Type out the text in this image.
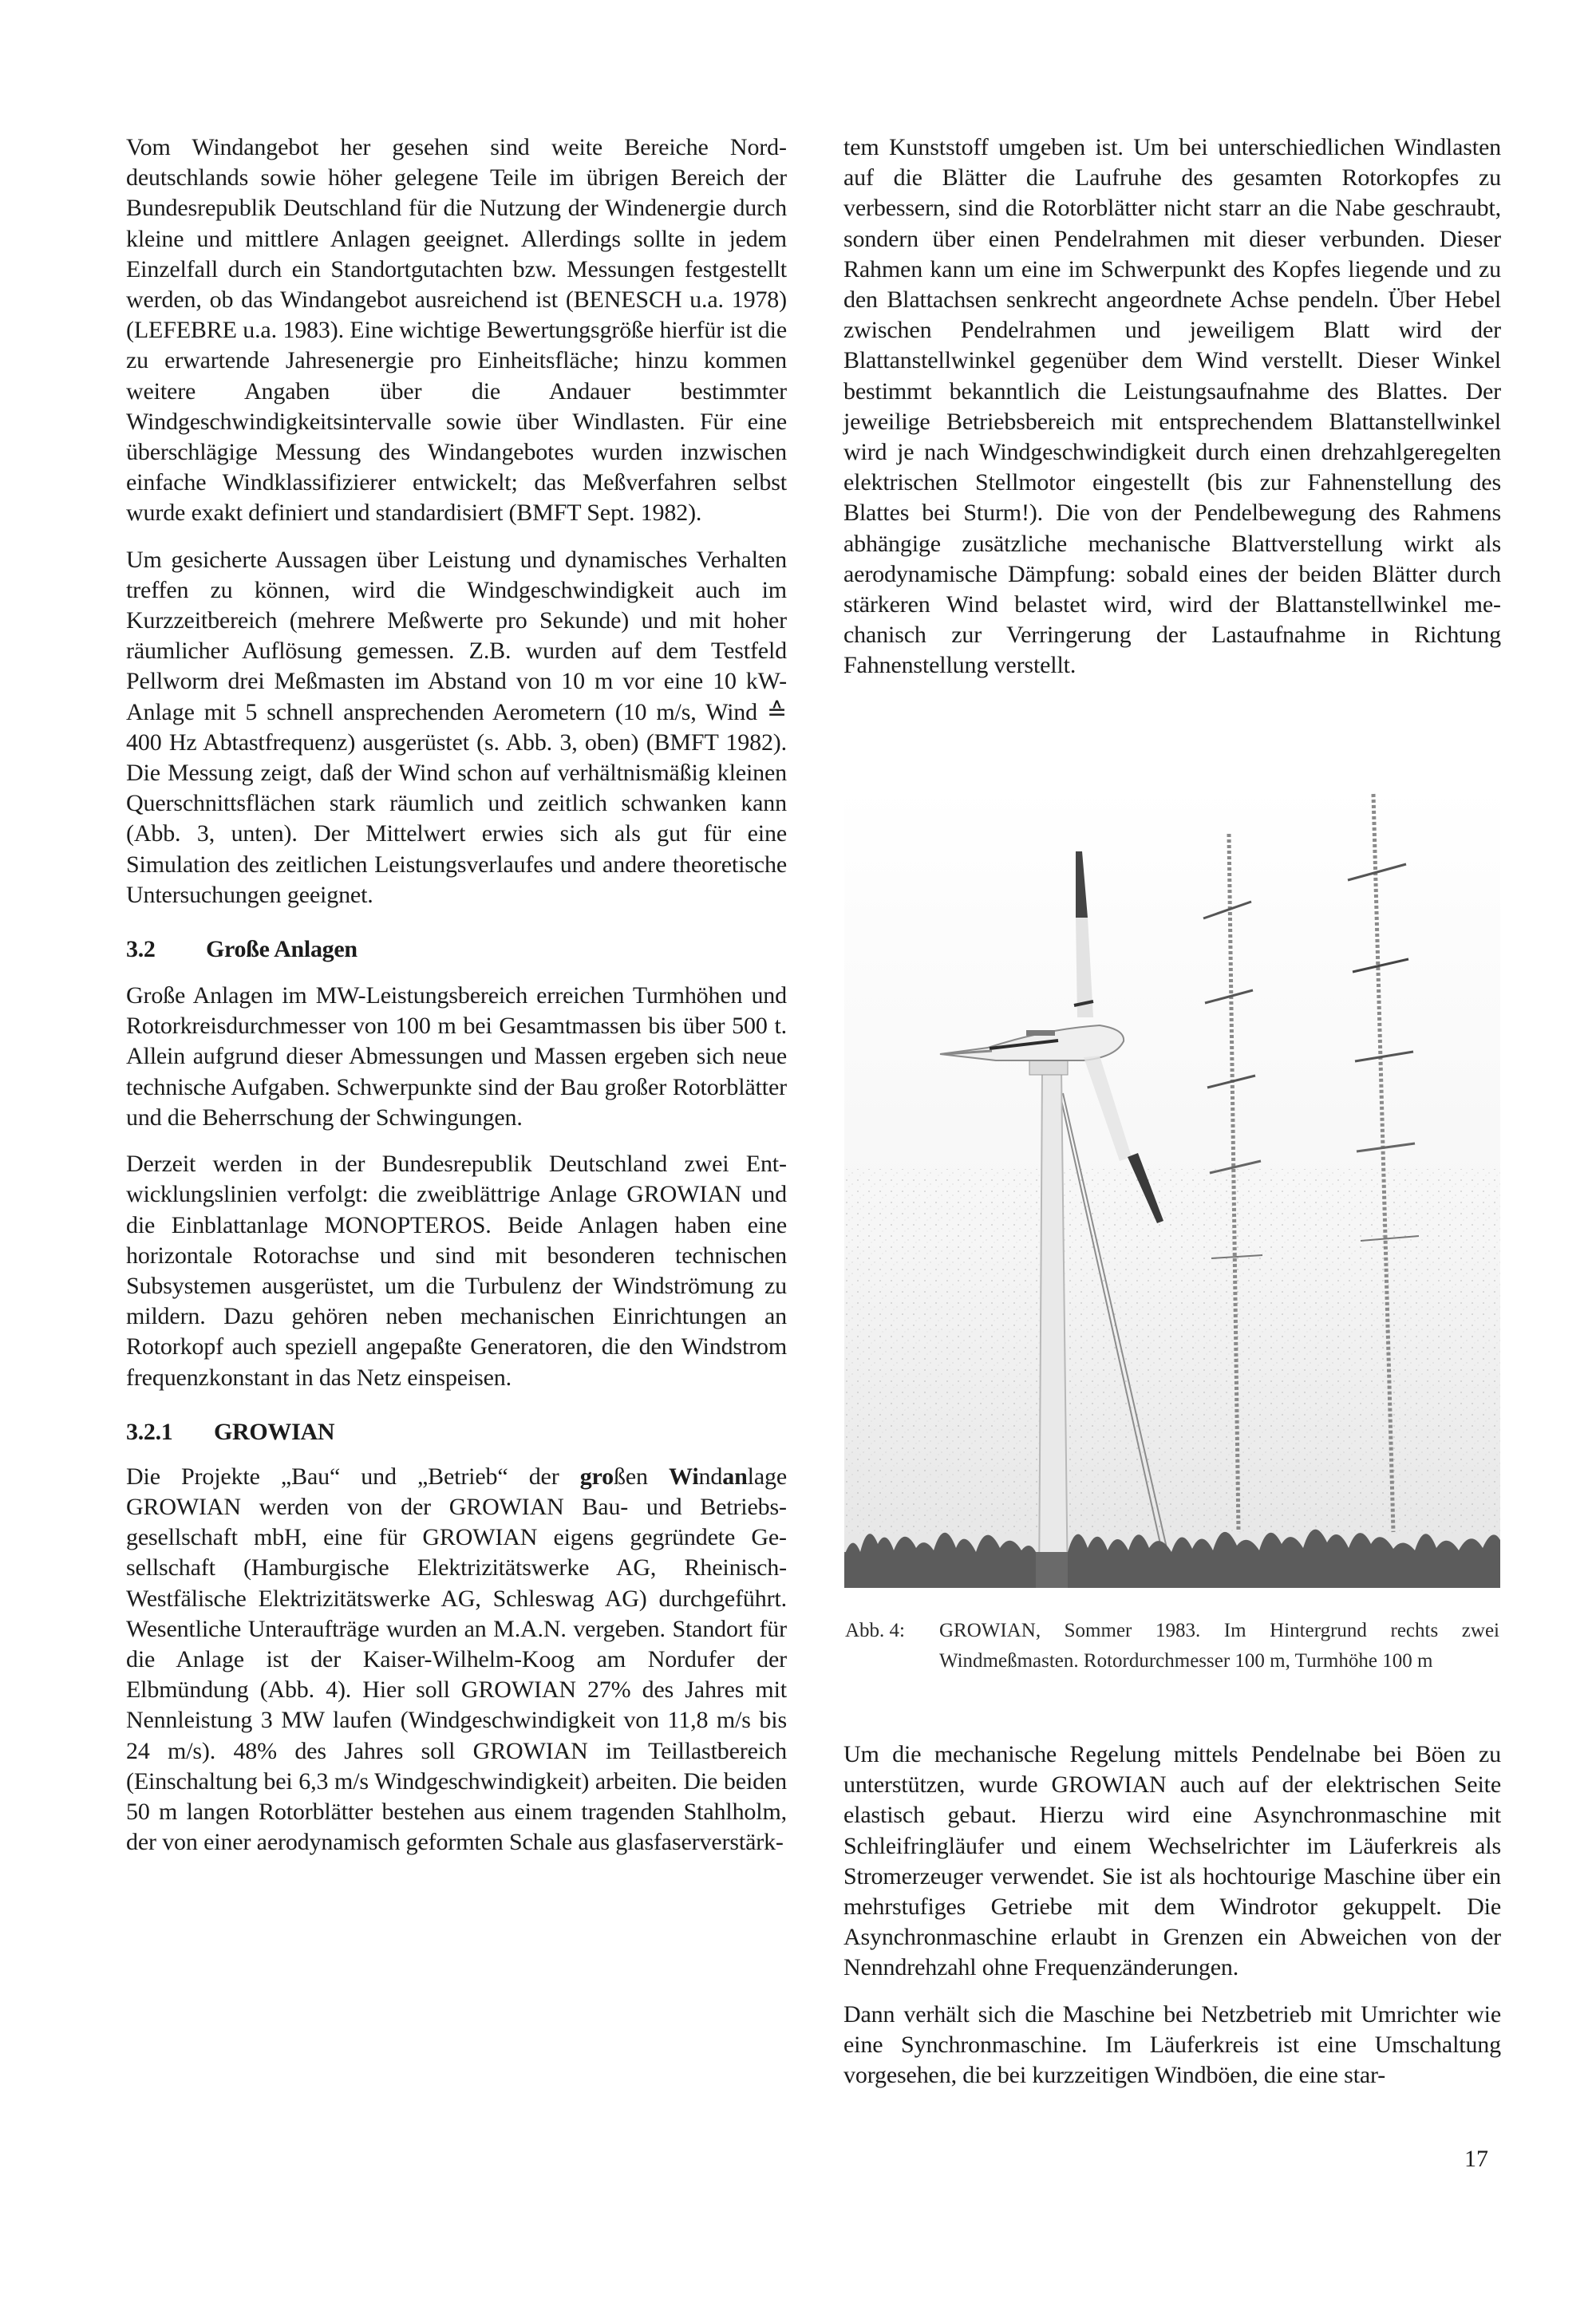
Vom Windangebot her gesehen sind weite Bereiche Norddeutschlands sowie höher gelegene Teile im übrigen Bereich der Bundesrepublik Deutschland für die Nutzung der Windenergie durch kleine und mittlere Anlagen geeignet. Allerdings sollte in jedem Einzelfall durch ein Standortgutachten bzw. Messungen festgestellt werden, ob das Windangebot ausreichend ist (BENESCH u.a. 1978) (LEFEBRE u.a. 1983). Eine wichtige Bewertungsgröße hierfür ist die zu erwartende Jahresenergie pro Einheitsfläche; hinzu kommen weitere Angaben über die Andauer bestimmter Windgeschwindigkeitsintervalle sowie über Windlasten. Für eine überschlägige Messung des Windangebotes wurden inzwischen einfache Windklassifizierer entwickelt; das Meßverfahren selbst wurde exakt definiert und standardisiert (BMFT Sept. 1982).

Um gesicherte Aussagen über Leistung und dynamisches Verhalten treffen zu können, wird die Windgeschwindigkeit auch im Kurzzeitbereich (mehrere Meßwerte pro Sekunde) und mit hoher räumlicher Auflösung gemessen. Z.B. wurden auf dem Testfeld Pellworm drei Meßmasten im Abstand von 10 m vor eine 10 kW-Anlage mit 5 schnell ansprechenden Aerometern (10 m/s, Wind ≙ 400 Hz Abtastfrequenz) ausgerüstet (s. Abb. 3, oben) (BMFT 1982). Die Messung zeigt, daß der Wind schon auf verhältnismäßig kleinen Querschnittsflächen stark räumlich und zeitlich schwanken kann (Abb. 3, unten). Der Mittelwert erwies sich als gut für eine Simulation des zeitlichen Leistungsverlaufes und andere theoretische Untersuchungen geeignet.

3.2 Große Anlagen

Große Anlagen im MW-Leistungsbereich erreichen Turmhöhen und Rotorkreisdurchmesser von 100 m bei Gesamtmassen bis über 500 t. Allein aufgrund dieser Abmessungen und Massen ergeben sich neue technische Aufgaben. Schwerpunkte sind der Bau großer Rotorblätter und die Beherrschung der Schwingungen.

Derzeit werden in der Bundesrepublik Deutschland zwei Entwicklungslinien verfolgt: die zweiblättrige Anlage GROWIAN und die Einblattanlage MONOPTEROS. Beide Anlagen haben eine horizontale Rotorachse und sind mit besonderen technischen Subsystemen ausgerüstet, um die Turbulenz der Windströmung zu mildern. Dazu gehören neben mechanischen Einrichtungen an Rotorkopf auch speziell angepaßte Generatoren, die den Windstrom frequenzkonstant in das Netz einspeisen.

3.2.1 GROWIAN

Die Projekte „Bau“ und „Betrieb“ der großen Windanlage GROWIAN werden von der GROWIAN Bau- und Betriebsgesellschaft mbH, eine für GROWIAN eigens gegründete Gesellschaft (Hamburgische Elektrizitätswerke AG, Rheinisch-Westfälische Elektrizitätswerke AG, Schleswag AG) durchgeführt. Wesentliche Unteraufträge wurden an M.A.N. vergeben. Standort für die Anlage ist der Kaiser-Wilhelm-Koog am Nordufer der Elbmündung (Abb. 4). Hier soll GROWIAN 27% des Jahres mit Nennleistung 3 MW laufen (Windgeschwindigkeit von 11,8 m/s bis 24 m/s). 48% des Jahres soll GROWIAN im Teillastbereich (Einschaltung bei 6,3 m/s Windgeschwindigkeit) arbeiten. Die beiden 50 m langen Rotorblätter bestehen aus einem tragenden Stahlholm, der von einer aerodynamisch geformten Schale aus glasfaserverstärk-

tem Kunststoff umgeben ist. Um bei unterschiedlichen Windlasten auf die Blätter die Laufruhe des gesamten Rotorkopfes zu verbessern, sind die Rotorblätter nicht starr an die Nabe geschraubt, sondern über einen Pendelrahmen mit dieser verbunden. Dieser Rahmen kann um eine im Schwerpunkt des Kopfes liegende und zu den Blattachsen senkrecht angeordnete Achse pendeln. Über Hebel zwischen Pendelrahmen und jeweiligem Blatt wird der Blattanstellwinkel gegenüber dem Wind verstellt. Dieser Winkel bestimmt bekanntlich die Leistungsaufnahme des Blattes. Der jeweilige Betriebsbereich mit entsprechendem Blattanstellwinkel wird je nach Windgeschwindigkeit durch einen drehzahlgeregelten elektrischen Stellmotor eingestellt (bis zur Fahnenstellung des Blattes bei Sturm!). Die von der Pendelbewegung des Rahmens abhängige zusätzliche mechanische Blattverstellung wirkt als aerodynamische Dämpfung: sobald eines der beiden Blätter durch stärkeren Wind belastet wird, wird der Blattanstellwinkel mechanisch zur Verringerung der Lastaufnahme in Richtung Fahnenstellung verstellt.

Abb. 4:	GROWIAN, Sommer 1983. Im Hintergrund rechts zwei Windmeßmasten. Rotordurchmesser 100 m, Turmhöhe 100 m

Um die mechanische Regelung mittels Pendelnabe bei Böen zu unterstützen, wurde GROWIAN auch auf der elektrischen Seite elastisch gebaut. Hierzu wird eine Asynchronmaschine mit Schleifringläufer und einem Wechselrichter im Läuferkreis als Stromerzeuger verwendet. Sie ist als hochtourige Maschine über ein mehrstufiges Getriebe mit dem Windrotor gekuppelt. Die Asynchronmaschine erlaubt in Grenzen ein Abweichen von der Nenndrehzahl ohne Frequenzänderungen.

Dann verhält sich die Maschine bei Netzbetrieb mit Umrichter wie eine Synchronmaschine. Im Läuferkreis ist eine Umschaltung vorgesehen, die bei kurzzeitigen Windböen, die eine star-

17
